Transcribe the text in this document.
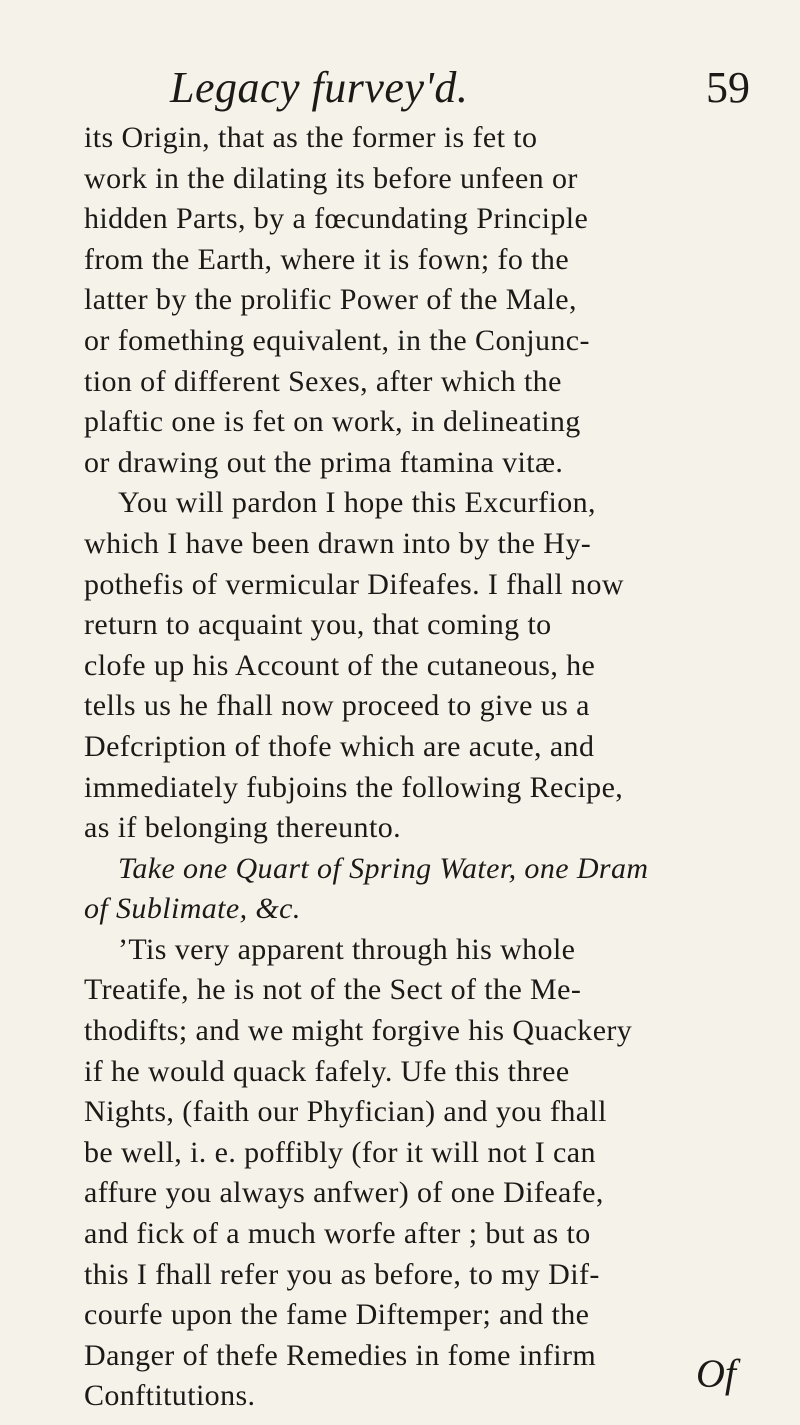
Legacy furvey'd.	59
its Origin, that as the former is fet to
work in the dilating its before unfeen or
hidden Parts, by a fœcundating Principle
from the Earth, where it is fown; fo the
latter by the prolific Power of the Male,
or fomething equivalent, in the Conjunc-
tion of different Sexes, after which the
plaftic one is fet on work, in delineating
or drawing out the prima ftamina vitæ.
You will pardon I hope this Excurfion,
which I have been drawn into by the Hy-
pothefis of vermicular Difeafes. I fhall now
return to acquaint you, that coming to
clofe up his Account of the cutaneous, he
tells us he fhall now proceed to give us a
Defcription of thofe which are acute, and
immediately fubjoins the following Recipe,
as if belonging thereunto.
Take one Quart of Spring Water, one Dram
of Sublimate, &c.
’Tis very apparent through his whole
Treatife, he is not of the Sect of the Me-
thodifts; and we might forgive his Quackery
if he would quack fafely. Ufe this three
Nights, (faith our Phyfician) and you fhall
be well, i. e. poffibly (for it will not I can
affure you always anfwer) of one Difeafe,
and fick of a much worfe after ; but as to
this I fhall refer you as before, to my Dif-
courfe upon the fame Diftemper; and the
Danger of thefe Remedies in fome infirm
Conftitutions.	Of
